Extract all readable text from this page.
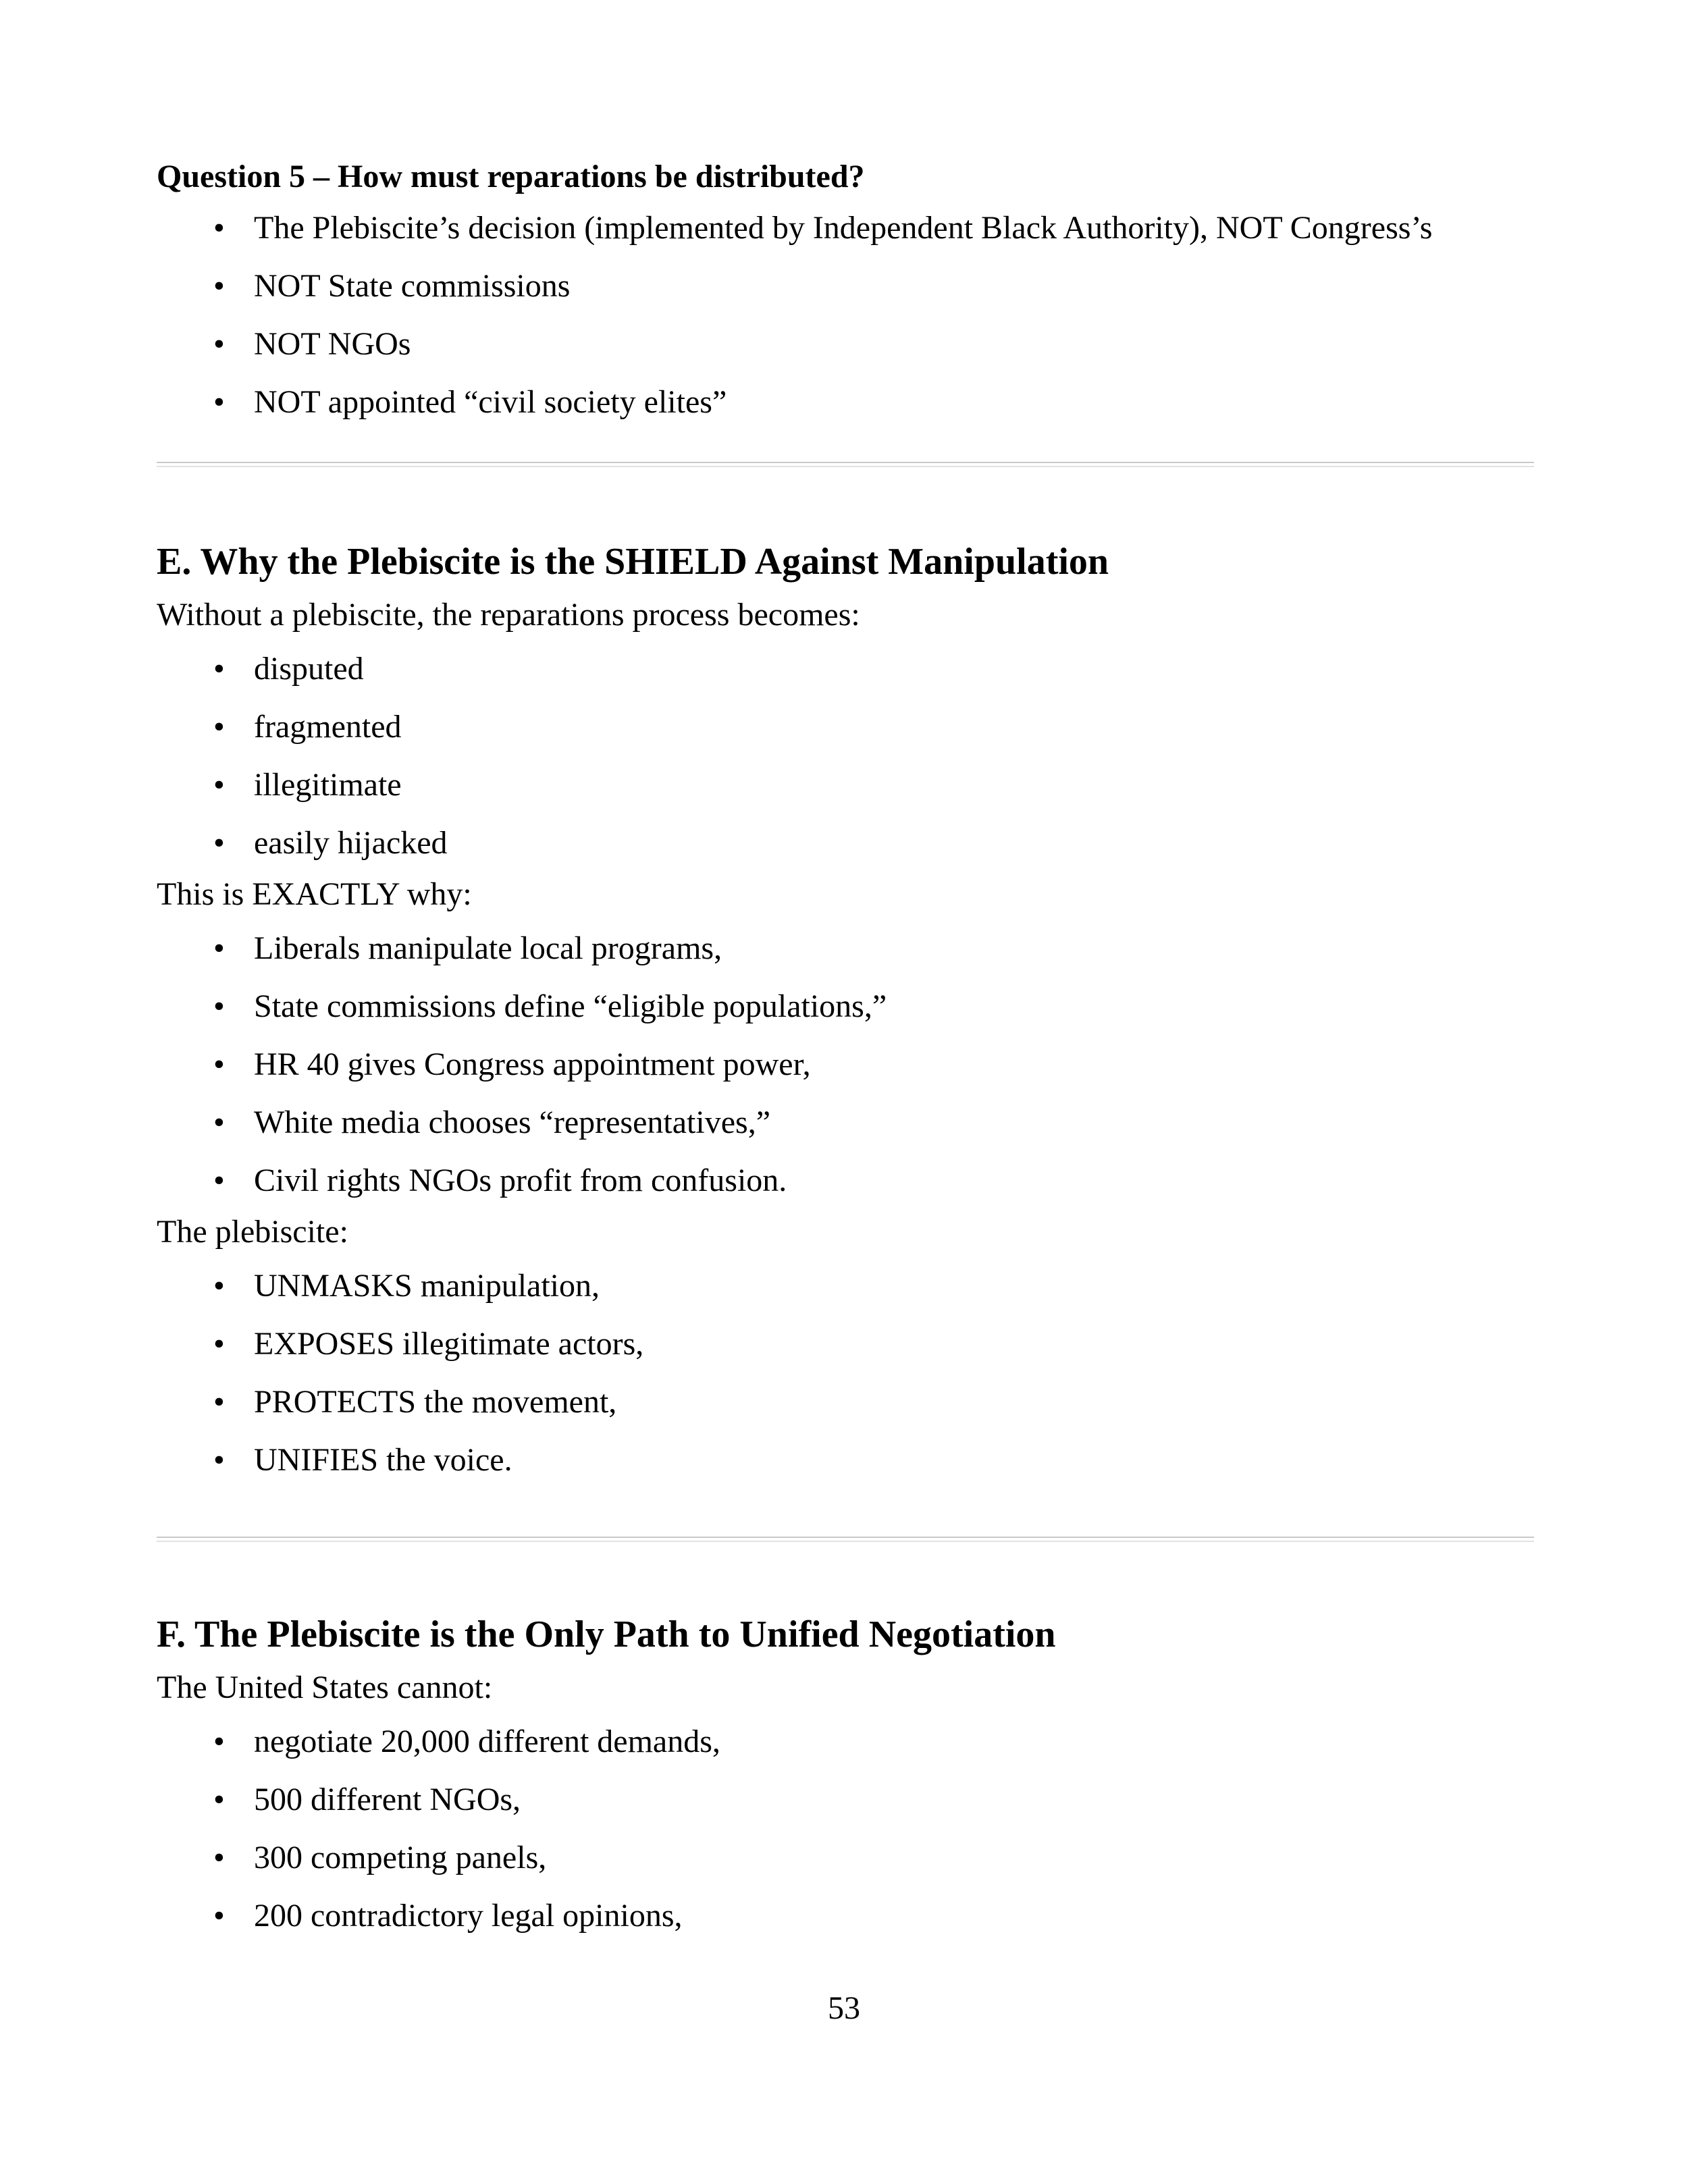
Question 5 – How must reparations be distributed?

• The Plebiscite’s decision (implemented by Independent Black Authority), NOT Congress’s
• NOT State commissions
• NOT NGOs
• NOT appointed “civil society elites”

E. Why the Plebiscite is the SHIELD Against Manipulation

Without a plebiscite, the reparations process becomes:

• disputed
• fragmented
• illegitimate
• easily hijacked

This is EXACTLY why:

• Liberals manipulate local programs,
• State commissions define “eligible populations,”
• HR 40 gives Congress appointment power,
• White media chooses “representatives,”
• Civil rights NGOs profit from confusion.

The plebiscite:

• UNMASKS manipulation,
• EXPOSES illegitimate actors,
• PROTECTS the movement,
• UNIFIES the voice.

F. The Plebiscite is the Only Path to Unified Negotiation

The United States cannot:

• negotiate 20,000 different demands,
• 500 different NGOs,
• 300 competing panels,
• 200 contradictory legal opinions,
53
